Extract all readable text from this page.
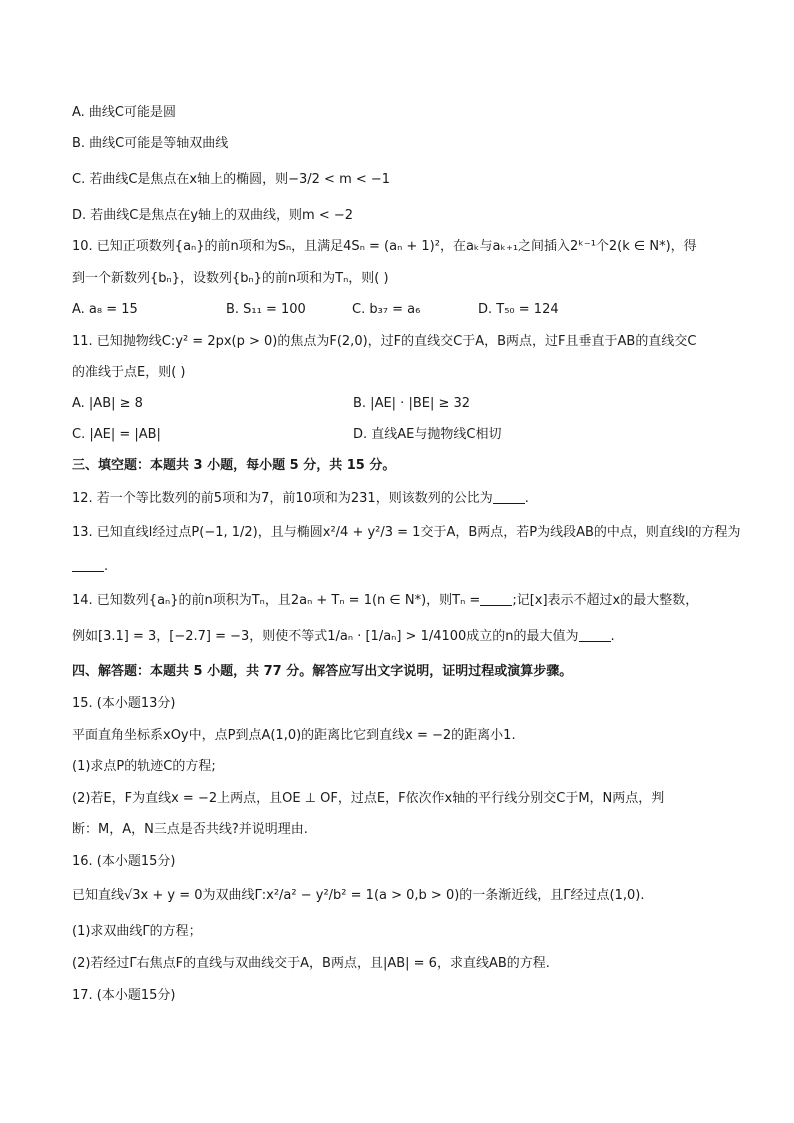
A. 曲线C可能是圆
B. 曲线C可能是等轴双曲线
C. 若曲线C是焦点在x轴上的椭圆，则−3/2 < m < −1
D. 若曲线C是焦点在y轴上的双曲线，则m < −2
10. 已知正项数列{aₙ}的前n项和为Sₙ，且满足4Sₙ = (aₙ + 1)²，在aₖ与aₖ₊₁之间插入2ᵏ⁻¹个2(k ∈ N*)，得
到一个新数列{bₙ}，设数列{bₙ}的前n项和为Tₙ，则( )
A. a₈ = 15	B. S₁₁ = 100	C. b₃₇ = a₆	D. T₅₀ = 124
11. 已知抛物线C:y² = 2px(p > 0)的焦点为F(2,0)，过F的直线交C于A，B两点，过F且垂直于AB的直线交C
的准线于点E，则( )
A. |AB| ≥ 8	B. |AE| · |BE| ≥ 32
C. |AE| = |AB|	D. 直线AE与抛物线C相切
三、填空题：本题共 3 小题，每小题 5 分，共 15 分。
12. 若一个等比数列的前5项和为7，前10项和为231，则该数列的公比为 .
13. 已知直线l经过点P(−1, 1/2)，且与椭圆x²/4 + y²/3 = 1交于A，B两点，若P为线段AB的中点，则直线l的方程为
.
14. 已知数列{aₙ}的前n项积为Tₙ，且2aₙ + Tₙ = 1(n ∈ N*)，则Tₙ = ;记[x]表示不超过x的最大整数，
例如[3.1] = 3，[−2.7] = −3，则使不等式1/aₙ · [1/aₙ] > 1/4100成立的n的最大值为 .
四、解答题：本题共 5 小题，共 77 分。解答应写出文字说明，证明过程或演算步骤。
15. (本小题13分)
平面直角坐标系xOy中，点P到点A(1,0)的距离比它到直线x = −2的距离小1.
(1)求点P的轨迹C的方程;
(2)若E，F为直线x = −2上两点，且OE ⊥ OF，过点E，F依次作x轴的平行线分别交C于M，N两点，判
断：M，A，N三点是否共线?并说明理由.
16. (本小题15分)
已知直线√3x + y = 0为双曲线Γ:x²/a² − y²/b² = 1(a > 0,b > 0)的一条渐近线，且Γ经过点(1,0).
(1)求双曲线Γ的方程；
(2)若经过Γ右焦点F的直线与双曲线交于A，B两点，且|AB| = 6，求直线AB的方程.
17. (本小题15分)
